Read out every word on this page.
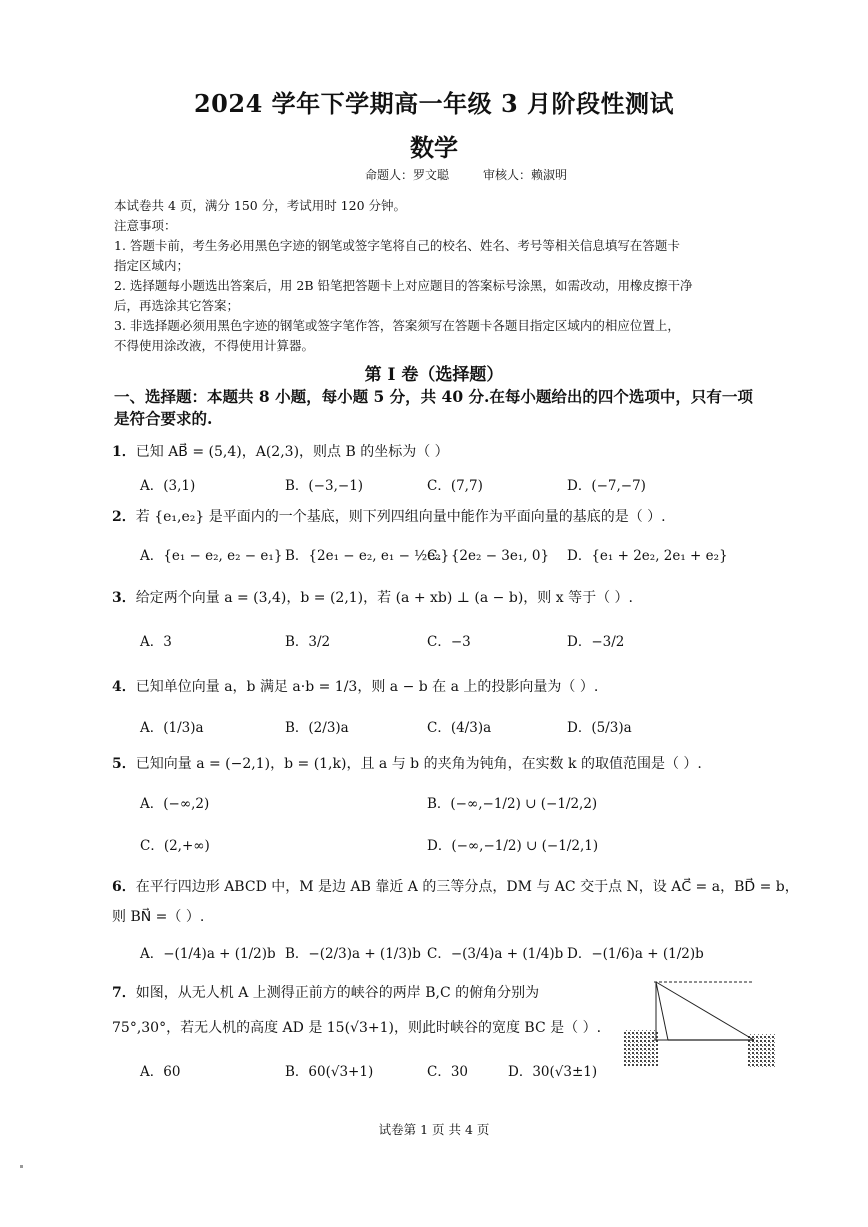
2024 学年下学期高一年级 3 月阶段性测试
数学
命题人：罗文聪	审核人：赖淑明
本试卷共 4 页，满分 150 分，考试用时 120 分钟。
注意事项：
1. 答题卡前，考生务必用黑色字迹的钢笔或签字笔将自己的校名、姓名、考号等相关信息填写在答题卡
指定区域内；
2. 选择题每小题选出答案后，用 2B 铅笔把答题卡上对应题目的答案标号涂黑，如需改动，用橡皮擦干净
后，再选涂其它答案；
3. 非选择题必须用黑色字迹的钢笔或签字笔作答，答案须写在答题卡各题目指定区域内的相应位置上，
不得使用涂改液，不得使用计算器。
第 I 卷（选择题）
一、选择题：本题共 8 小题，每小题 5 分，共 40 分.在每小题给出的四个选项中，只有一项
是符合要求的.
1．已知 AB⃗ = (5,4)，A(2,3)，则点 B 的坐标为（ ）
A．(3,1)	B．(−3,−1)	C．(7,7)	D．(−7,−7)
2．若 {e₁,e₂} 是平面内的一个基底，则下列四组向量中能作为平面向量的基底的是（ ）.
A．{e₁ − e₂, e₂ − e₁} B．{2e₁ − e₂, e₁ − ½e₂}
C．{2e₂ − 3e₁, 0} D．{e₁ + 2e₂, 2e₁ + e₂}
3．给定两个向量 a = (3,4)，b = (2,1)，若 (a + xb) ⊥ (a − b)，则 x 等于（ ）.
A．3	B．3/2	C．−3	D．−3/2
4．已知单位向量 a，b 满足 a·b = 1/3，则 a − b 在 a 上的投影向量为（ ）.
A．(1/3)a	B．(2/3)a	C．(4/3)a	D．(5/3)a
5．已知向量 a = (−2,1)，b = (1,k)，且 a 与 b 的夹角为钝角，在实数 k 的取值范围是（ ）.
A．(−∞,2)	B．(−∞,−1/2) ∪ (−1/2,2)
C．(2,+∞)	D．(−∞,−1/2) ∪ (−1/2,1)
6．在平行四边形 ABCD 中，M 是边 AB 靠近 A 的三等分点，DM 与 AC 交于点 N，设 AC⃗ = a，BD⃗ = b，
则 BN⃗ =（ ）.
A．−(1/4)a + (1/2)b B．−(2/3)a + (1/3)b C．−(3/4)a + (1/4)b D．−(1/6)a + (1/2)b
7．如图，从无人机 A 上测得正前方的峡谷的两岸 B,C 的俯角分别为
75°,30°，若无人机的高度 AD 是 15(√3+1)，则此时峡谷的宽度 BC 是（ ）.
A．60	B．60(√3+1)	C．30	D．30(√3±1)
试卷第 1 页 共 4 页
